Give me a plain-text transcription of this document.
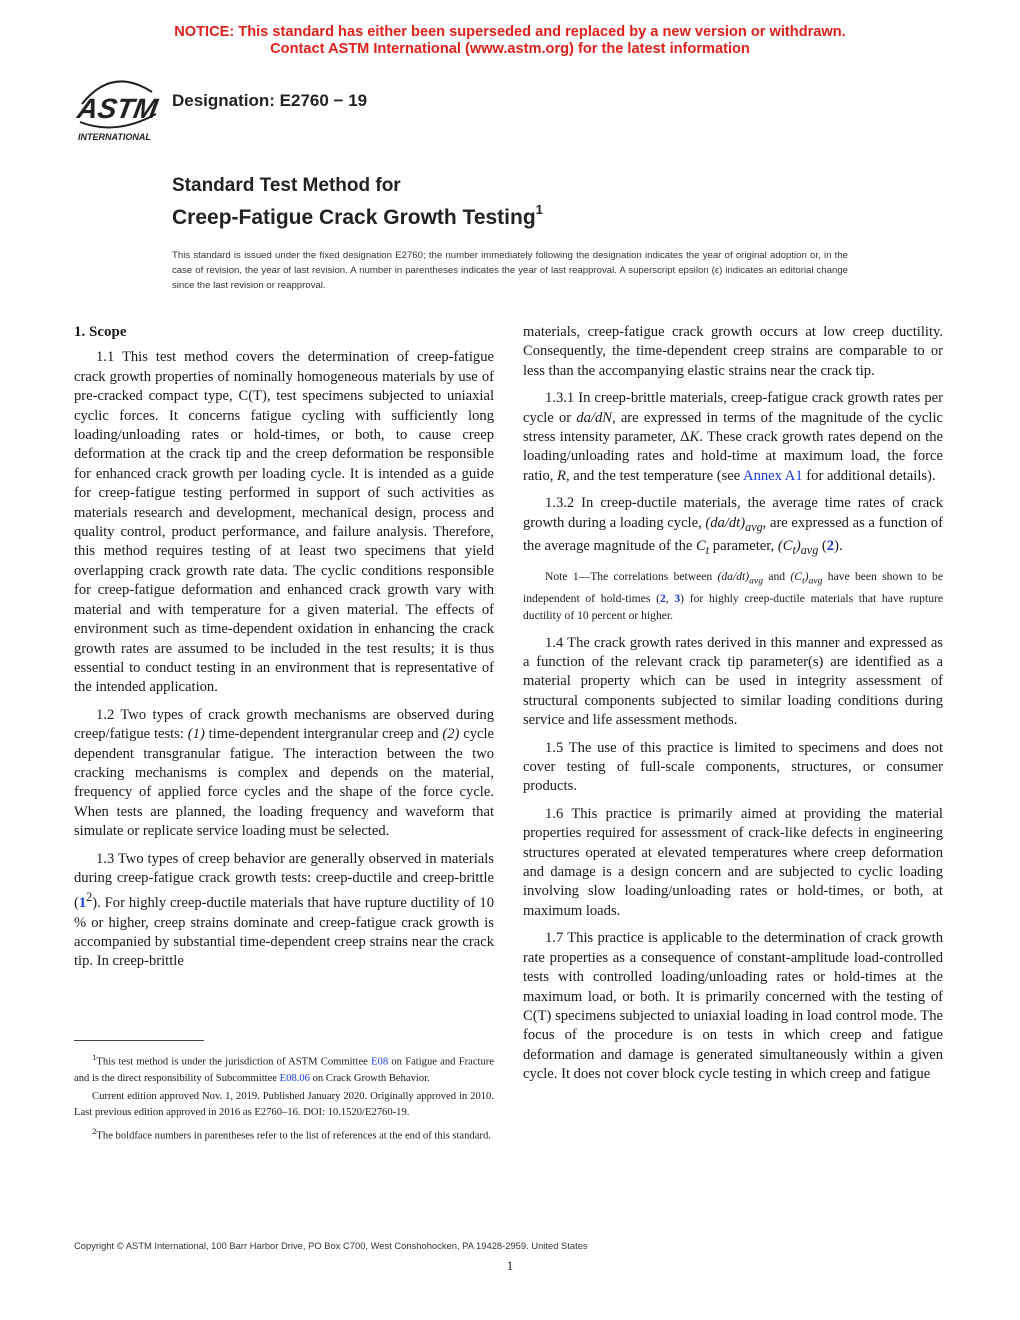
NOTICE: This standard has either been superseded and replaced by a new version or withdrawn.
Contact ASTM International (www.astm.org) for the latest information
ASTM
INTERNATIONAL
Designation: E2760 − 19
Standard Test Method for
Creep-Fatigue Crack Growth Testing$^1$
This standard is issued under the fixed designation E2760; the number immediately following the designation indicates the year of original adoption or, in the case of revision, the year of last revision. A number in parentheses indicates the year of last reapproval. A superscript epsilon (ε) indicates an editorial change since the last revision or reapproval.
1. Scope

1.1 This test method covers the determination of creep-fatigue crack growth properties of nominally homogeneous materials by use of pre-cracked compact type, C(T), test specimens subjected to uniaxial cyclic forces. It concerns fatigue cycling with sufficiently long loading/unloading rates or hold-times, or both, to cause creep deformation at the crack tip and the creep deformation be responsible for enhanced crack growth per loading cycle. It is intended as a guide for creep-fatigue testing performed in support of such activities as materials research and development, mechanical design, process and quality control, product performance, and failure analysis. Therefore, this method requires testing of at least two specimens that yield overlapping crack growth rate data. The cyclic conditions responsible for creep-fatigue deformation and enhanced crack growth vary with material and with temperature for a given material. The effects of environment such as time-dependent oxidation in enhancing the crack growth rates are assumed to be included in the test results; it is thus essential to conduct testing in an environment that is representative of the intended application.

1.2 Two types of crack growth mechanisms are observed during creep/fatigue tests: (1) time-dependent intergranular creep and (2) cycle dependent transgranular fatigue. The interaction between the two cracking mechanisms is complex and depends on the material, frequency of applied force cycles and the shape of the force cycle. When tests are planned, the loading frequency and waveform that simulate or replicate service loading must be selected.

1.3 Two types of creep behavior are generally observed in materials during creep-fatigue crack growth tests: creep-ductile and creep-brittle $(1^2)$. For highly creep-ductile materials that have rupture ductility of 10 % or higher, creep strains dominate and creep-fatigue crack growth is accompanied by substantial time-dependent creep strains near the crack tip. In creep-brittle

materials, creep-fatigue crack growth occurs at low creep ductility. Consequently, the time-dependent creep strains are comparable to or less than the accompanying elastic strains near the crack tip.

1.3.1 In creep-brittle materials, creep-fatigue crack growth rates per cycle or da/dN, are expressed in terms of the magnitude of the cyclic stress intensity parameter, ΔK. These crack growth rates depend on the loading/unloading rates and hold-time at maximum load, the force ratio, R, and the test temperature (see Annex A1 for additional details).

1.3.2 In creep-ductile materials, the average time rates of crack growth during a loading cycle, $(da/dt)_{avg}$, are expressed as a function of the average magnitude of the $C_t$ parameter, $(C_t)_{avg}$ (2).

Note 1—The correlations between $(da/dt)_{avg}$ and $(C_t)_{avg}$ have been shown to be independent of hold-times (2, 3) for highly creep-ductile materials that have rupture ductility of 10 percent or higher.

1.4 The crack growth rates derived in this manner and expressed as a function of the relevant crack tip parameter(s) are identified as a material property which can be used in integrity assessment of structural components subjected to similar loading conditions during service and life assessment methods.

1.5 The use of this practice is limited to specimens and does not cover testing of full-scale components, structures, or consumer products.

1.6 This practice is primarily aimed at providing the material properties required for assessment of crack-like defects in engineering structures operated at elevated temperatures where creep deformation and damage is a design concern and are subjected to cyclic loading involving slow loading/unloading rates or hold-times, or both, at maximum loads.

1.7 This practice is applicable to the determination of crack growth rate properties as a consequence of constant-amplitude load-controlled tests with controlled loading/unloading rates or hold-times at the maximum load, or both. It is primarily concerned with the testing of C(T) specimens subjected to uniaxial loading in load control mode. The focus of the procedure is on tests in which creep and fatigue deformation and damage is generated simultaneously within a given cycle. It does not cover block cycle testing in which creep and fatigue

$^1$This test method is under the jurisdiction of ASTM Committee E08 on Fatigue and Fracture and is the direct responsibility of Subcommittee E08.06 on Crack Growth Behavior.

Current edition approved Nov. 1, 2019. Published January 2020. Originally approved in 2010. Last previous edition approved in 2016 as E2760–16. DOI: 10.1520/E2760-19.

$^2$The boldface numbers in parentheses refer to the list of references at the end of this standard.

Copyright © ASTM International, 100 Barr Harbor Drive, PO Box C700, West Conshohocken, PA 19428-2959. United States
1
